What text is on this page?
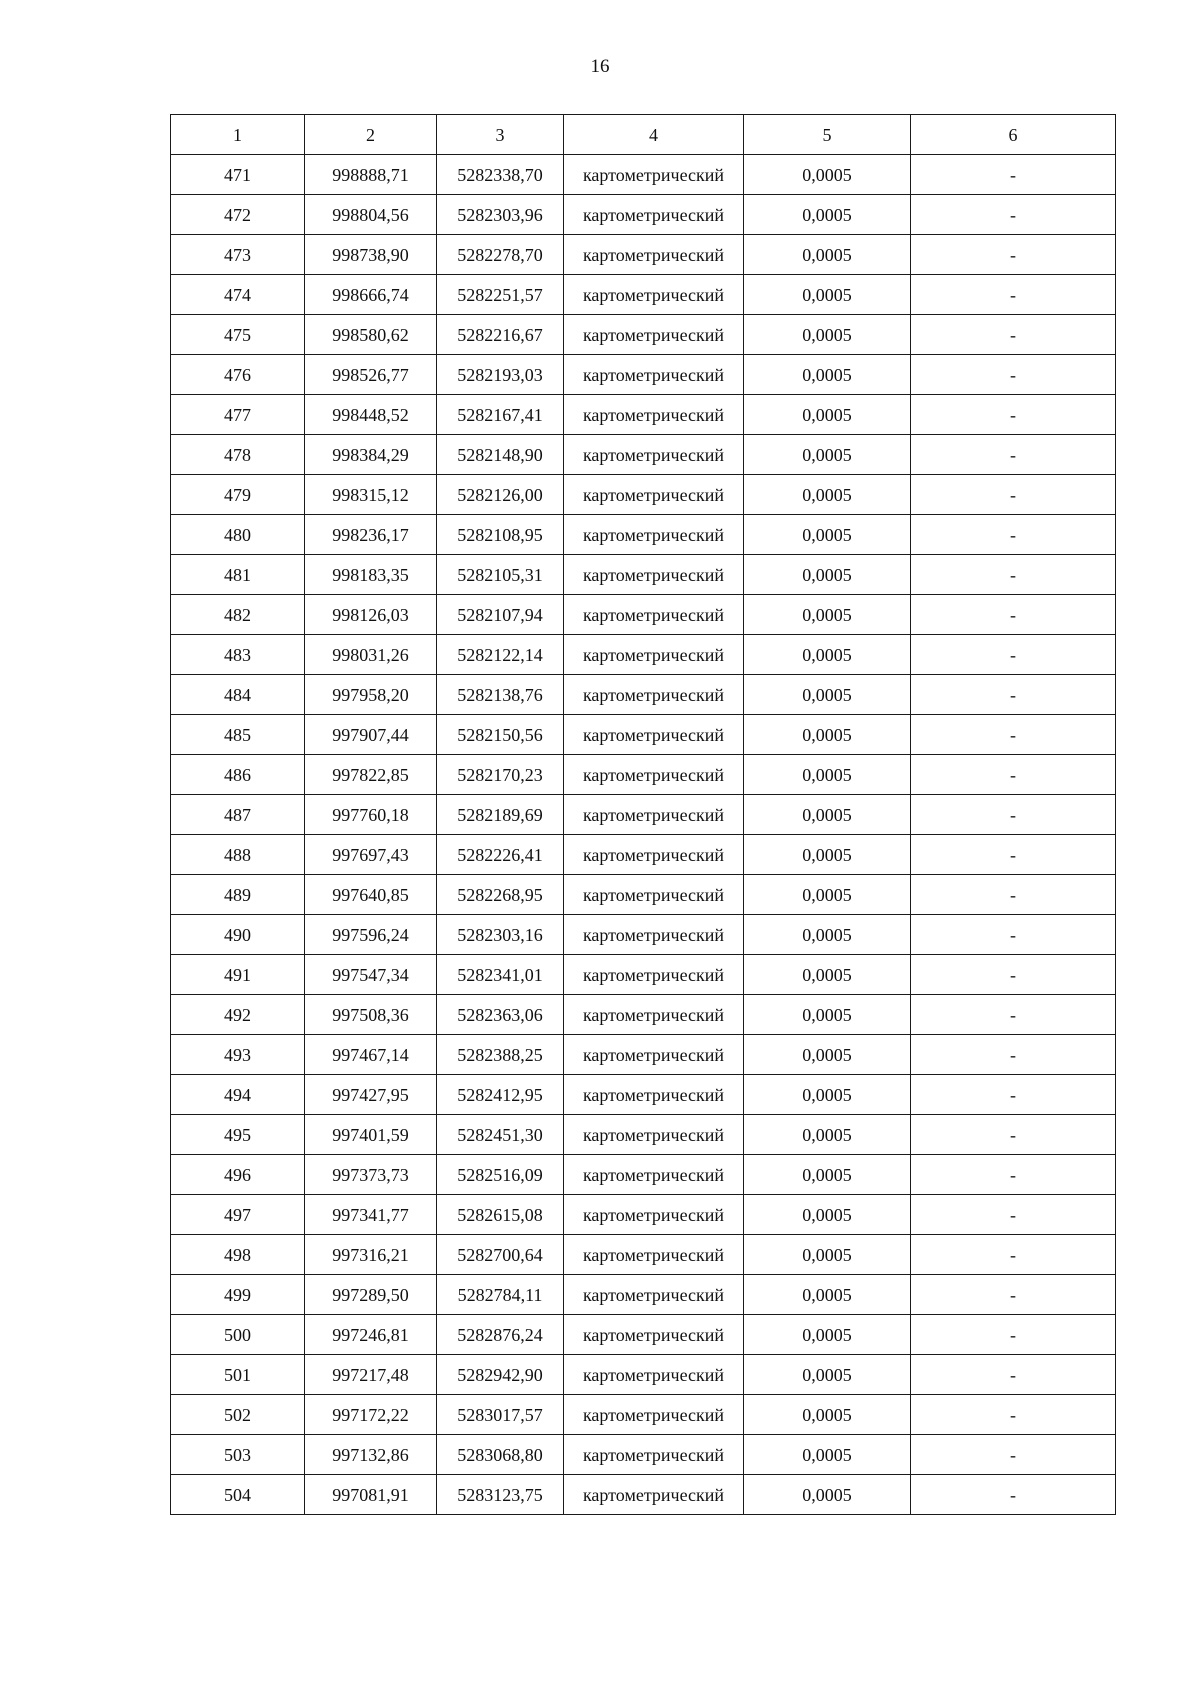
16
1	2	3	4	5	6
471	998888,71	5282338,70	картометрический	0,0005	-
472	998804,56	5282303,96	картометрический	0,0005	-
473	998738,90	5282278,70	картометрический	0,0005	-
474	998666,74	5282251,57	картометрический	0,0005	-
475	998580,62	5282216,67	картометрический	0,0005	-
476	998526,77	5282193,03	картометрический	0,0005	-
477	998448,52	5282167,41	картометрический	0,0005	-
478	998384,29	5282148,90	картометрический	0,0005	-
479	998315,12	5282126,00	картометрический	0,0005	-
480	998236,17	5282108,95	картометрический	0,0005	-
481	998183,35	5282105,31	картометрический	0,0005	-
482	998126,03	5282107,94	картометрический	0,0005	-
483	998031,26	5282122,14	картометрический	0,0005	-
484	997958,20	5282138,76	картометрический	0,0005	-
485	997907,44	5282150,56	картометрический	0,0005	-
486	997822,85	5282170,23	картометрический	0,0005	-
487	997760,18	5282189,69	картометрический	0,0005	-
488	997697,43	5282226,41	картометрический	0,0005	-
489	997640,85	5282268,95	картометрический	0,0005	-
490	997596,24	5282303,16	картометрический	0,0005	-
491	997547,34	5282341,01	картометрический	0,0005	-
492	997508,36	5282363,06	картометрический	0,0005	-
493	997467,14	5282388,25	картометрический	0,0005	-
494	997427,95	5282412,95	картометрический	0,0005	-
495	997401,59	5282451,30	картометрический	0,0005	-
496	997373,73	5282516,09	картометрический	0,0005	-
497	997341,77	5282615,08	картометрический	0,0005	-
498	997316,21	5282700,64	картометрический	0,0005	-
499	997289,50	5282784,11	картометрический	0,0005	-
500	997246,81	5282876,24	картометрический	0,0005	-
501	997217,48	5282942,90	картометрический	0,0005	-
502	997172,22	5283017,57	картометрический	0,0005	-
503	997132,86	5283068,80	картометрический	0,0005	-
504	997081,91	5283123,75	картометрический	0,0005	-
